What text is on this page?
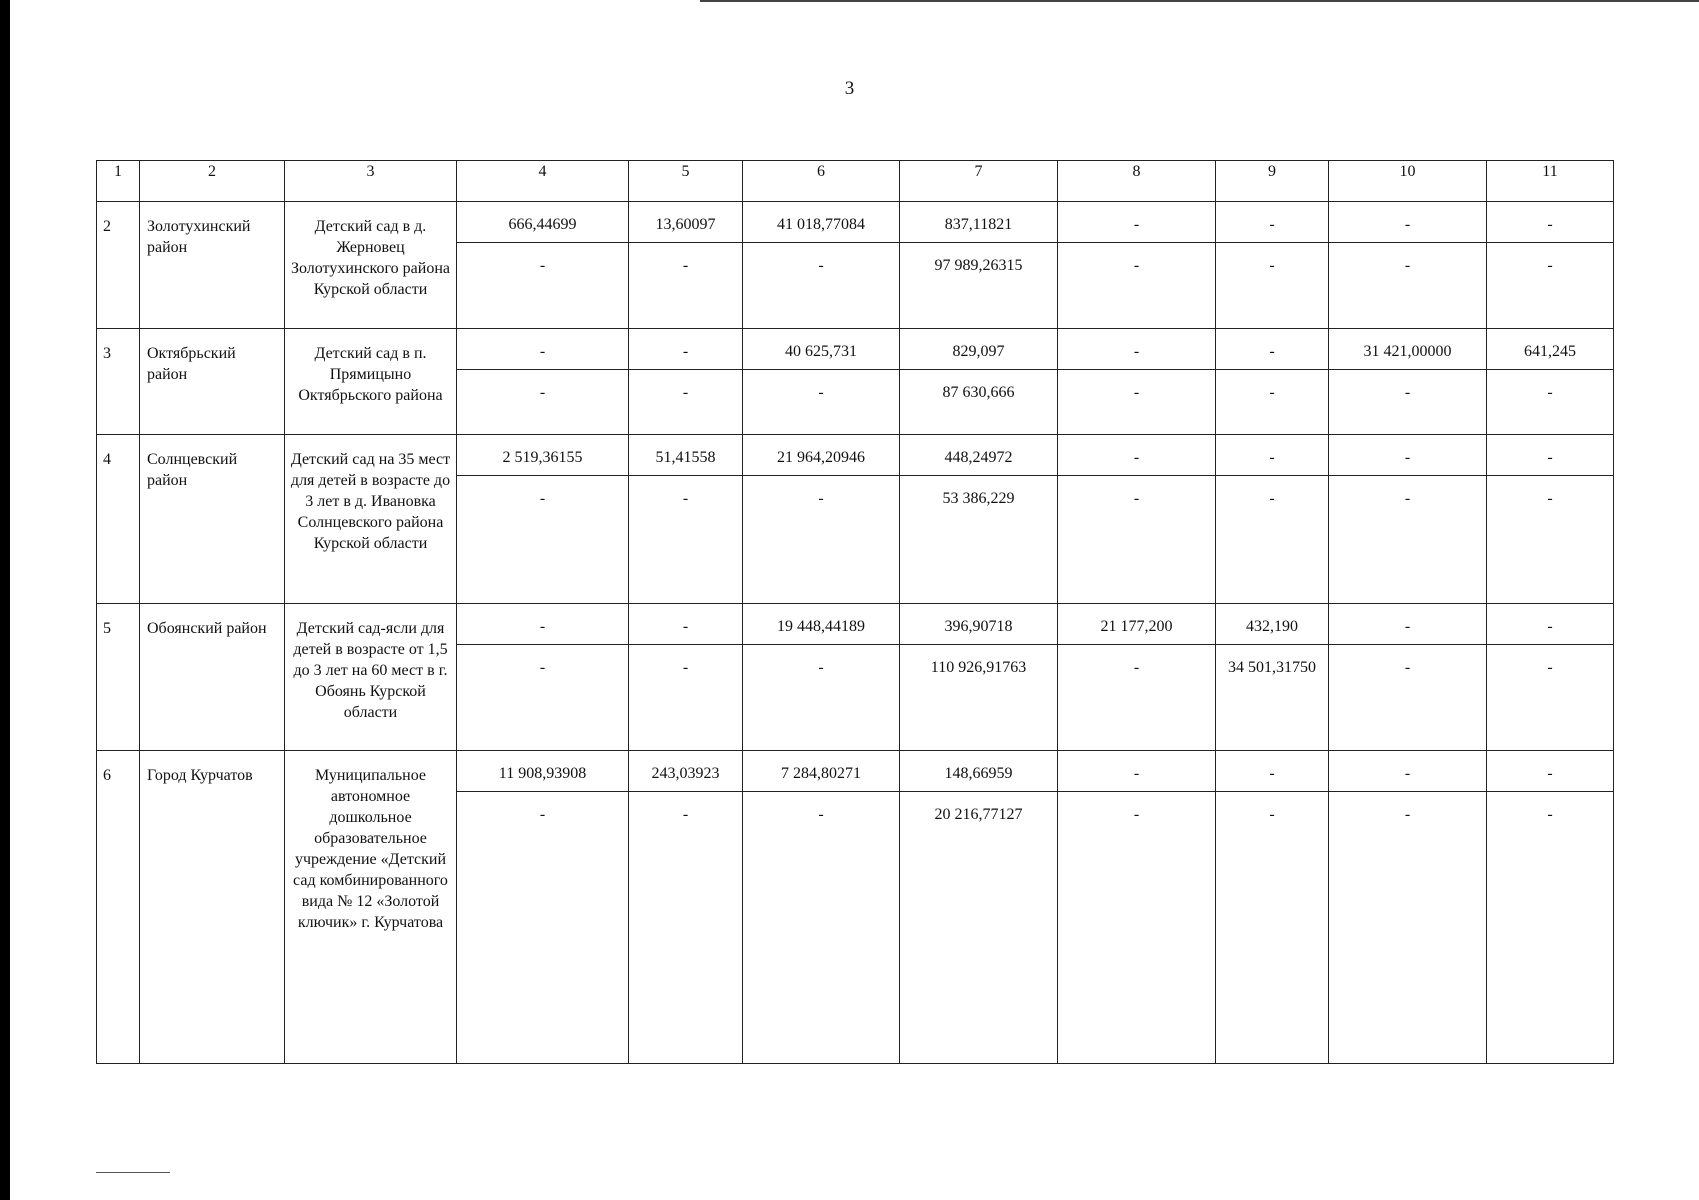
3
1	2	3	4	5	6	7	8	9	10	11
2	Золотухинский район	Детский сад в д. Жерновец Золотухинского района Курской области	666,44699	13,60097	41 018,77084	837,11821	-	-	-	-
			-	-	-	97 989,26315	-	-	-	-
3	Октябрьский район	Детский сад в п. Прямицыно Октябрьского района	-	-	40 625,731	829,097	-	-	31 421,00000	641,245
			-	-	-	87 630,666	-	-	-	-
4	Солнцевский район	Детский сад на 35 мест для детей в возрасте до 3 лет в д. Ивановка Солнцевского района Курской области	2 519,36155	51,41558	21 964,20946	448,24972	-	-	-	-
			-	-	-	53 386,229	-	-	-	-
5	Обоянский район	Детский сад-ясли для детей в возрасте от 1,5 до 3 лет на 60 мест в г. Обоянь Курской области	-	-	19 448,44189	396,90718	21 177,200	432,190	-	-
			-	-	-	110 926,91763	-	34 501,31750	-	-
6	Город Курчатов	Муниципальное автономное дошкольное образовательное учреждение «Детский сад комбинированного вида № 12 «Золотой ключик» г. Курчатова	11 908,93908	243,03923	7 284,80271	148,66959	-	-	-	-
			-	-	-	20 216,77127	-	-	-	-
